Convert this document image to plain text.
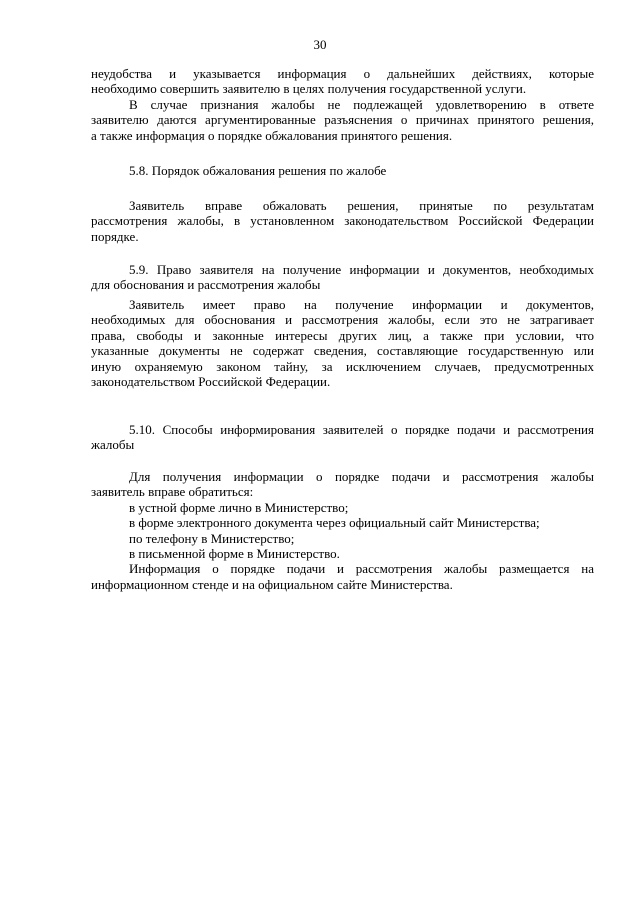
30
неудобства и указывается информация о дальнейших действиях, которые
необходимо совершить заявителю в целях получения государственной услуги.
В случае признания жалобы не подлежащей удовлетворению в ответе
заявителю даются аргументированные разъяснения о причинах принятого решения,
а также информация о порядке обжалования принятого решения.
5.8. Порядок обжалования решения по жалобе
Заявитель вправе обжаловать решения, принятые по результатам
рассмотрения жалобы, в установленном законодательством Российской Федерации
порядке.
5.9. Право заявителя на получение информации и документов, необходимых
для обоснования и рассмотрения жалобы
Заявитель имеет право на получение информации и документов,
необходимых для обоснования и рассмотрения жалобы, если это не затрагивает
права, свободы и законные интересы других лиц, а также при условии, что
указанные документы не содержат сведения, составляющие государственную или
иную охраняемую законом тайну, за исключением случаев, предусмотренных
законодательством Российской Федерации.
5.10. Способы информирования заявителей о порядке подачи и рассмотрения
жалобы
Для получения информации о порядке подачи и рассмотрения жалобы
заявитель вправе обратиться:
в устной форме лично в Министерство;
в форме электронного документа через официальный сайт Министерства;
по телефону в Министерство;
в письменной форме в Министерство.
Информация о порядке подачи и рассмотрения жалобы размещается на
информационном стенде и на официальном сайте Министерства.
